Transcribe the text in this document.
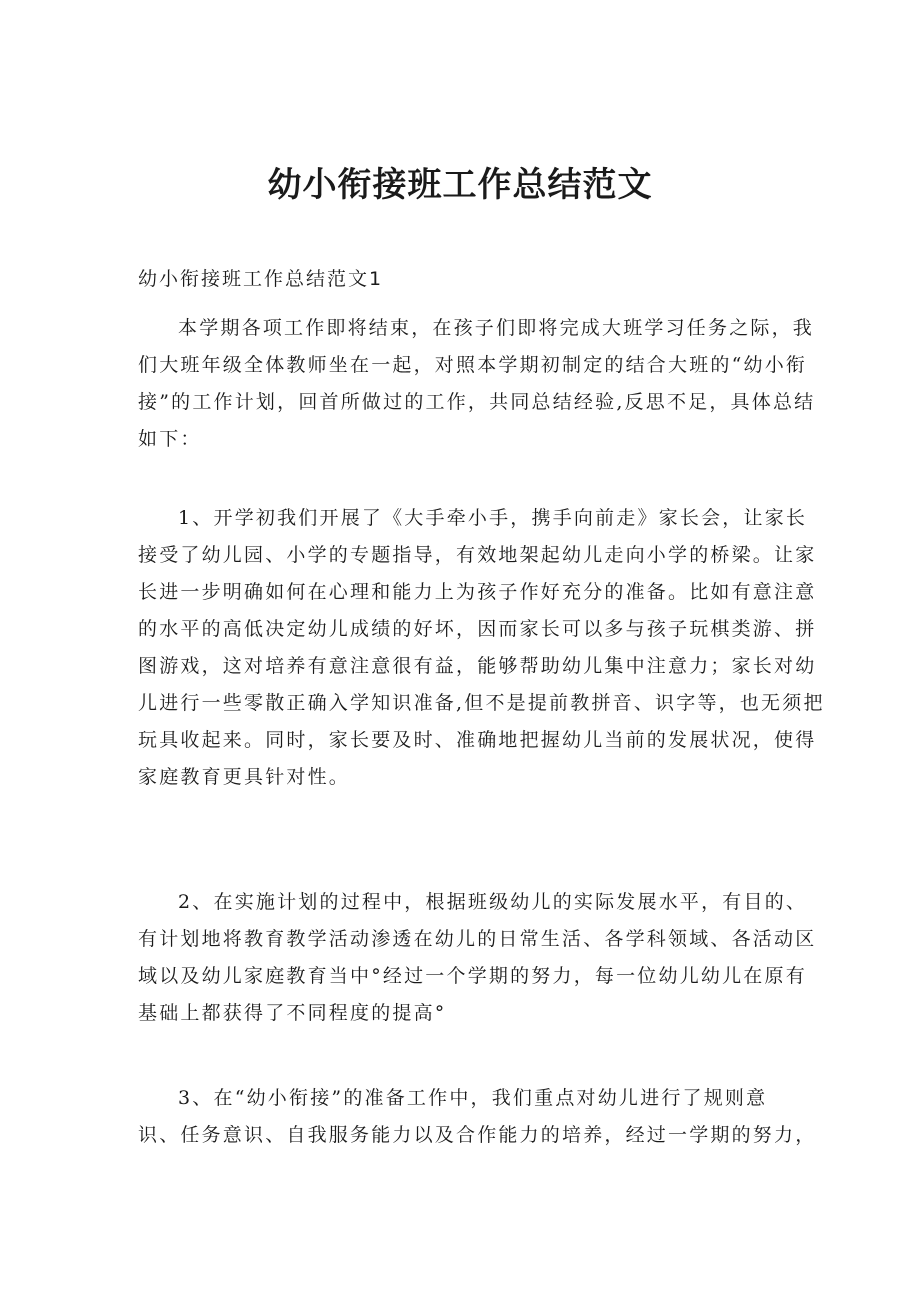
幼小衔接班工作总结范文
幼小衔接班工作总结范文1
本学期各项工作即将结束，在孩子们即将完成大班学习任务之际，我
们大班年级全体教师坐在一起，对照本学期初制定的结合大班的“幼小衔
接”的工作计划，回首所做过的工作，共同总结经验,反思不足，具体总结
如下：
1、开学初我们开展了《大手牵小手，携手向前走》家长会，让家长
接受了幼儿园、小学的专题指导，有效地架起幼儿走向小学的桥梁。让家
长进一步明确如何在心理和能力上为孩子作好充分的准备。比如有意注意
的水平的高低决定幼儿成绩的好坏，因而家长可以多与孩子玩棋类游、拼
图游戏，这对培养有意注意很有益，能够帮助幼儿集中注意力；家长对幼
儿进行一些零散正确入学知识准备,但不是提前教拼音、识字等，也无须把
玩具收起来。同时，家长要及时、准确地把握幼儿当前的发展状况，使得
家庭教育更具针对性。
2、在实施计划的过程中，根据班级幼儿的实际发展水平，有目的、
有计划地将教育教学活动渗透在幼儿的日常生活、各学科领域、各活动区
域以及幼儿家庭教育当中°经过一个学期的努力，每一位幼儿幼儿在原有
基础上都获得了不同程度的提高°
3、在“幼小衔接”的准备工作中，我们重点对幼儿进行了规则意
识、任务意识、自我服务能力以及合作能力的培养，经过一学期的努力，
